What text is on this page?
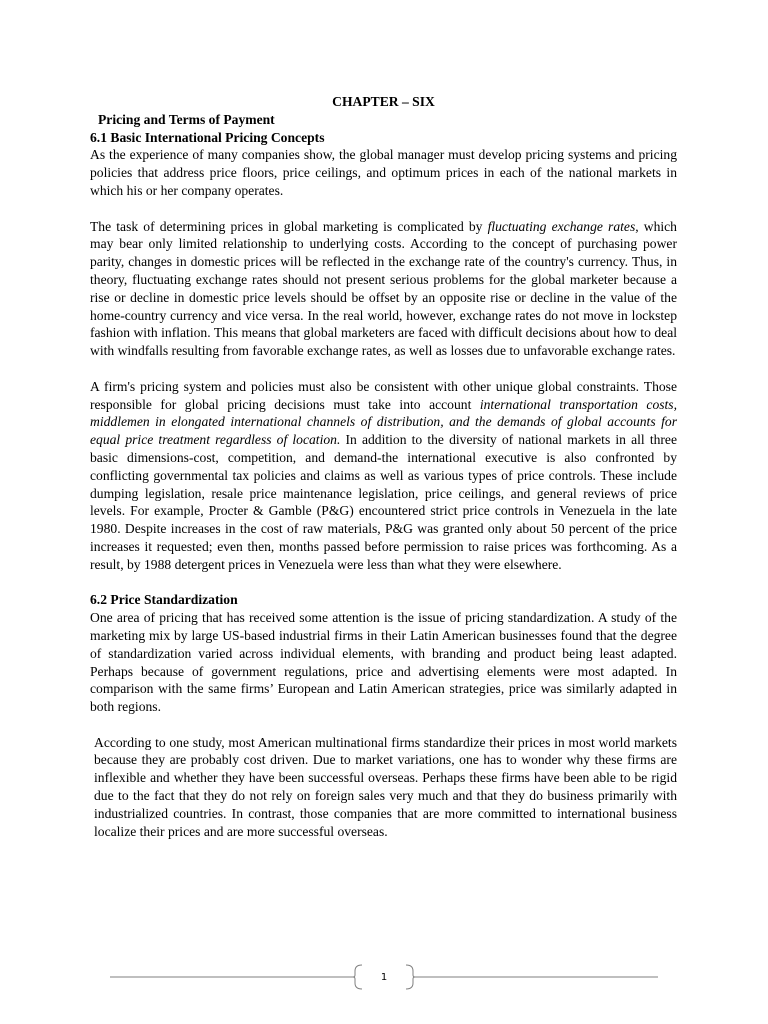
CHAPTER – SIX
Pricing and Terms of Payment
6.1 Basic International Pricing Concepts

As the experience of many companies show, the global manager must develop pricing systems and pricing policies that address price floors, price ceilings, and optimum prices in each of the national markets in which his or her company operates.

The task of determining prices in global marketing is complicated by fluctuating exchange rates, which may bear only limited relationship to underlying costs. According to the concept of purchasing power parity, changes in domestic prices will be reflected in the exchange rate of the country's currency. Thus, in theory, fluctuating exchange rates should not present serious problems for the global marketer because a rise or decline in domestic price levels should be offset by an opposite rise or decline in the value of the home-country currency and vice versa. In the real world, however, exchange rates do not move in lockstep fashion with inflation. This means that global marketers are faced with difficult decisions about how to deal with windfalls resulting from favorable exchange rates, as well as losses due to unfavorable exchange rates.

A firm's pricing system and policies must also be consistent with other unique global constraints. Those responsible for global pricing decisions must take into account international transportation costs, middlemen in elongated international channels of distribution, and the demands of global accounts for equal price treatment regardless of location. In addition to the diversity of national markets in all three basic dimensions-cost, competition, and demand-the international executive is also confronted by conflicting governmental tax policies and claims as well as various types of price controls. These include dumping legislation, resale price maintenance legislation, price ceilings, and general reviews of price levels. For example, Procter & Gamble (P&G) encountered strict price controls in Venezuela in the late 1980. Despite increases in the cost of raw materials, P&G was granted only about 50 percent of the price increases it requested; even then, months passed before permission to raise prices was forthcoming. As a result, by 1988 detergent prices in Venezuela were less than what they were elsewhere.

6.2 Price Standardization

One area of pricing that has received some attention is the issue of pricing standardization. A study of the marketing mix by large US-based industrial firms in their Latin American businesses found that the degree of standardization varied across individual elements, with branding and product being least adapted. Perhaps because of government regulations, price and advertising elements were most adapted. In comparison with the same firms’ European and Latin American strategies, price was similarly adapted in both regions.

According to one study, most American multinational firms standardize their prices in most world markets because they are probably cost driven. Due to market variations, one has to wonder why these firms are inflexible and whether they have been successful overseas. Perhaps these firms have been able to be rigid due to the fact that they do not rely on foreign sales very much and that they do business primarily with industrialized countries. In contrast, those companies that are more committed to international business localize their prices and are more successful overseas.

1
